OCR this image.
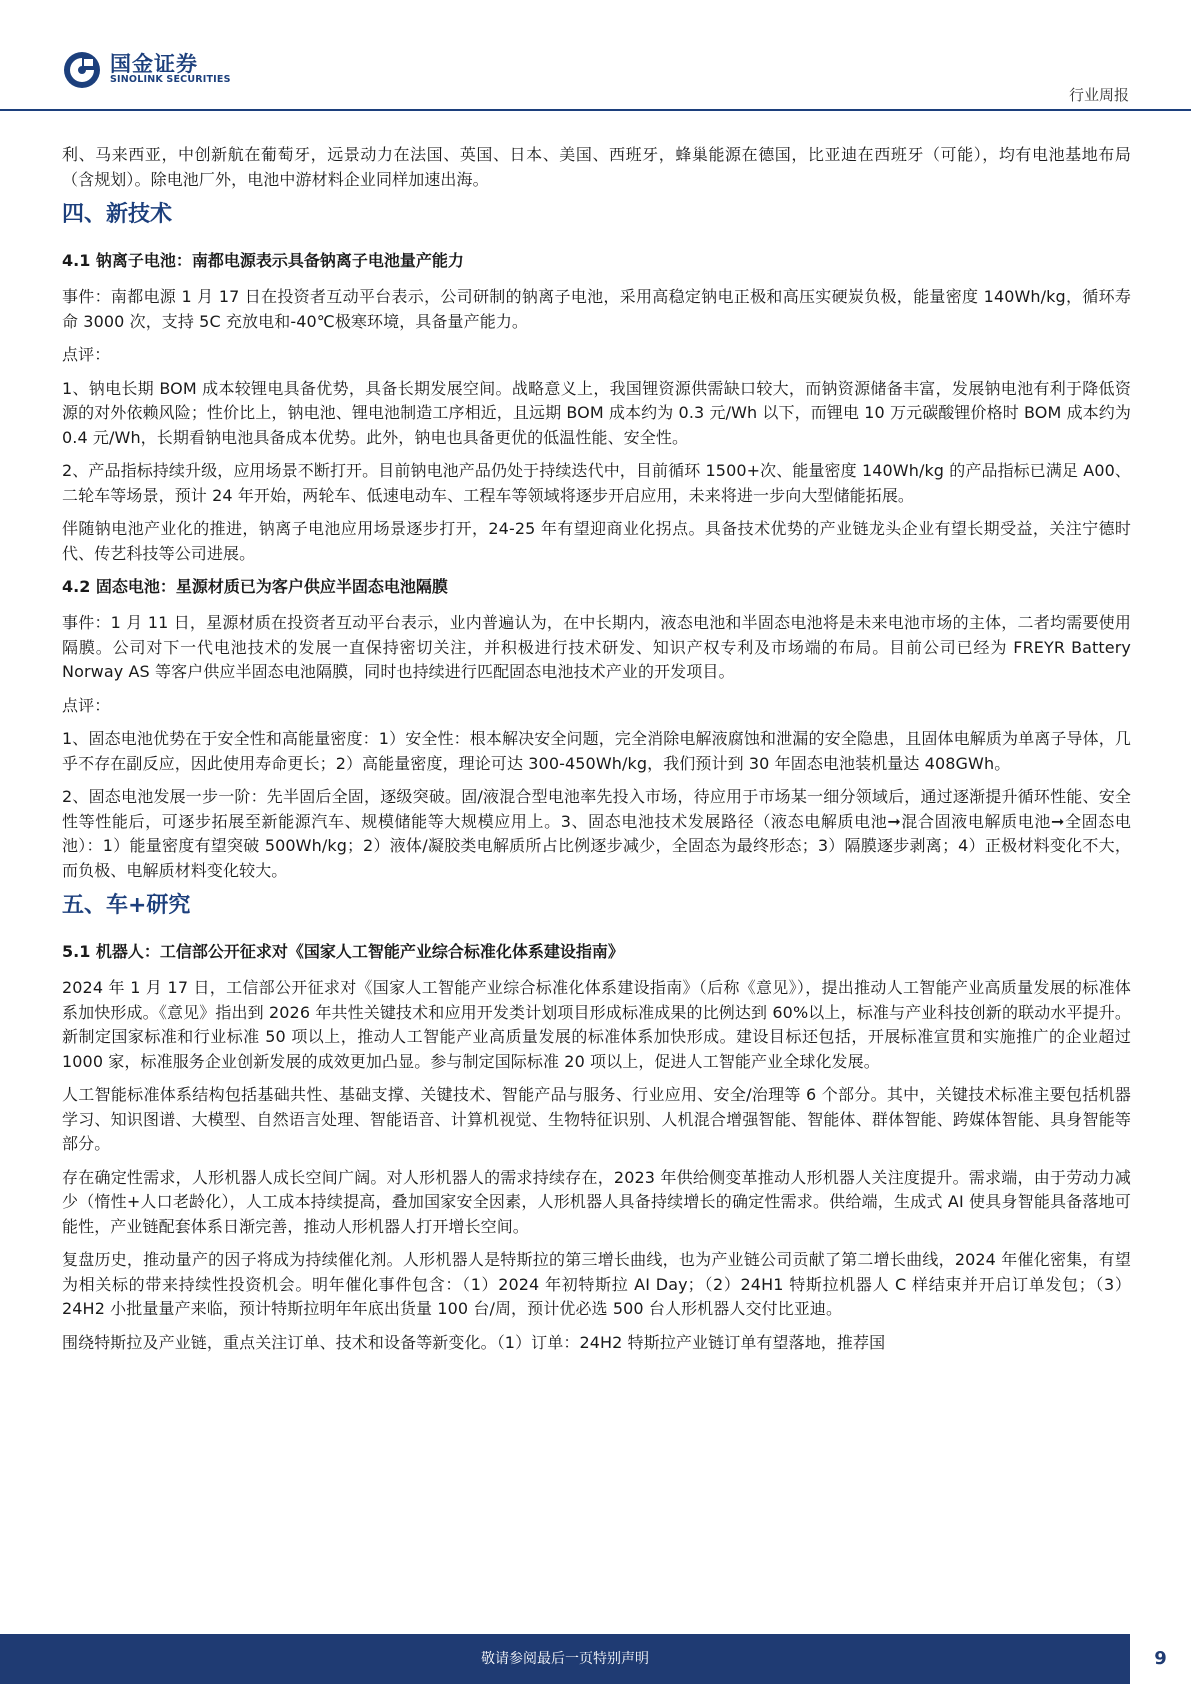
国金证券
SINOLINK SECURITIES
行业周报

利、马来西亚，中创新航在葡萄牙，远景动力在法国、英国、日本、美国、西班牙，蜂巢能源在德国，比亚迪在西班牙（可能），均有电池基地布局（含规划）。除电池厂外，电池中游材料企业同样加速出海。

四、新技术
4.1 钠离子电池：南都电源表示具备钠离子电池量产能力

事件：南都电源 1 月 17 日在投资者互动平台表示，公司研制的钠离子电池，采用高稳定钠电正极和高压实硬炭负极，能量密度 140Wh/kg，循环寿命 3000 次，支持 5C 充放电和-40℃极寒环境，具备量产能力。

点评：

1、钠电长期 BOM 成本较锂电具备优势，具备长期发展空间。战略意义上，我国锂资源供需缺口较大，而钠资源储备丰富，发展钠电池有利于降低资源的对外依赖风险；性价比上，钠电池、锂电池制造工序相近，且远期 BOM 成本约为 0.3 元/Wh 以下，而锂电 10 万元碳酸锂价格时 BOM 成本约为 0.4 元/Wh，长期看钠电池具备成本优势。此外，钠电也具备更优的低温性能、安全性。

2、产品指标持续升级，应用场景不断打开。目前钠电池产品仍处于持续迭代中，目前循环 1500+次、能量密度 140Wh/kg 的产品指标已满足 A00、二轮车等场景，预计 24 年开始，两轮车、低速电动车、工程车等领域将逐步开启应用，未来将进一步向大型储能拓展。

伴随钠电池产业化的推进，钠离子电池应用场景逐步打开，24-25 年有望迎商业化拐点。具备技术优势的产业链龙头企业有望长期受益，关注宁德时代、传艺科技等公司进展。

4.2 固态电池：星源材质已为客户供应半固态电池隔膜

事件：1 月 11 日，星源材质在投资者互动平台表示，业内普遍认为，在中长期内，液态电池和半固态电池将是未来电池市场的主体，二者均需要使用隔膜。公司对下一代电池技术的发展一直保持密切关注，并积极进行技术研发、知识产权专利及市场端的布局。目前公司已经为 FREYR Battery Norway AS 等客户供应半固态电池隔膜，同时也持续进行匹配固态电池技术产业的开发项目。

点评：

1、固态电池优势在于安全性和高能量密度：1）安全性：根本解决安全问题，完全消除电解液腐蚀和泄漏的安全隐患，且固体电解质为单离子导体，几乎不存在副反应，因此使用寿命更长；2）高能量密度，理论可达 300-450Wh/kg，我们预计到 30 年固态电池装机量达 408GWh。

2、固态电池发展一步一阶：先半固后全固，逐级突破。固/液混合型电池率先投入市场，待应用于市场某一细分领域后，通过逐渐提升循环性能、安全性等性能后，可逐步拓展至新能源汽车、规模储能等大规模应用上。3、固态电池技术发展路径（液态电解质电池➞混合固液电解质电池➞全固态电池）：1）能量密度有望突破 500Wh/kg；2）液体/凝胶类电解质所占比例逐步减少，全固态为最终形态；3）隔膜逐步剥离；4）正极材料变化不大，而负极、电解质材料变化较大。

五、车+研究
5.1 机器人：工信部公开征求对《国家人工智能产业综合标准化体系建设指南》

2024 年 1 月 17 日，工信部公开征求对《国家人工智能产业综合标准化体系建设指南》（后称《意见》），提出推动人工智能产业高质量发展的标准体系加快形成。《意见》指出到 2026 年共性关键技术和应用开发类计划项目形成标准成果的比例达到 60%以上，标准与产业科技创新的联动水平提升。新制定国家标准和行业标准 50 项以上，推动人工智能产业高质量发展的标准体系加快形成。建设目标还包括，开展标准宣贯和实施推广的企业超过 1000 家，标准服务企业创新发展的成效更加凸显。参与制定国际标准 20 项以上，促进人工智能产业全球化发展。

人工智能标准体系结构包括基础共性、基础支撑、关键技术、智能产品与服务、行业应用、安全/治理等 6 个部分。其中，关键技术标准主要包括机器学习、知识图谱、大模型、自然语言处理、智能语音、计算机视觉、生物特征识别、人机混合增强智能、智能体、群体智能、跨媒体智能、具身智能等部分。

存在确定性需求，人形机器人成长空间广阔。对人形机器人的需求持续存在，2023 年供给侧变革推动人形机器人关注度提升。需求端，由于劳动力减少（惰性+人口老龄化），人工成本持续提高，叠加国家安全因素，人形机器人具备持续增长的确定性需求。供给端，生成式 AI 使具身智能具备落地可能性，产业链配套体系日渐完善，推动人形机器人打开增长空间。

复盘历史，推动量产的因子将成为持续催化剂。人形机器人是特斯拉的第三增长曲线，也为产业链公司贡献了第二增长曲线，2024 年催化密集，有望为相关标的带来持续性投资机会。明年催化事件包含：（1）2024 年初特斯拉 AI Day；（2）24H1 特斯拉机器人 C 样结束并开启订单发包；（3）24H2 小批量量产来临，预计特斯拉明年年底出货量 100 台/周，预计优必选 500 台人形机器人交付比亚迪。

围绕特斯拉及产业链，重点关注订单、技术和设备等新变化。（1）订单：24H2 特斯拉产业链订单有望落地，推荐国

敬请参阅最后一页特别声明	9
